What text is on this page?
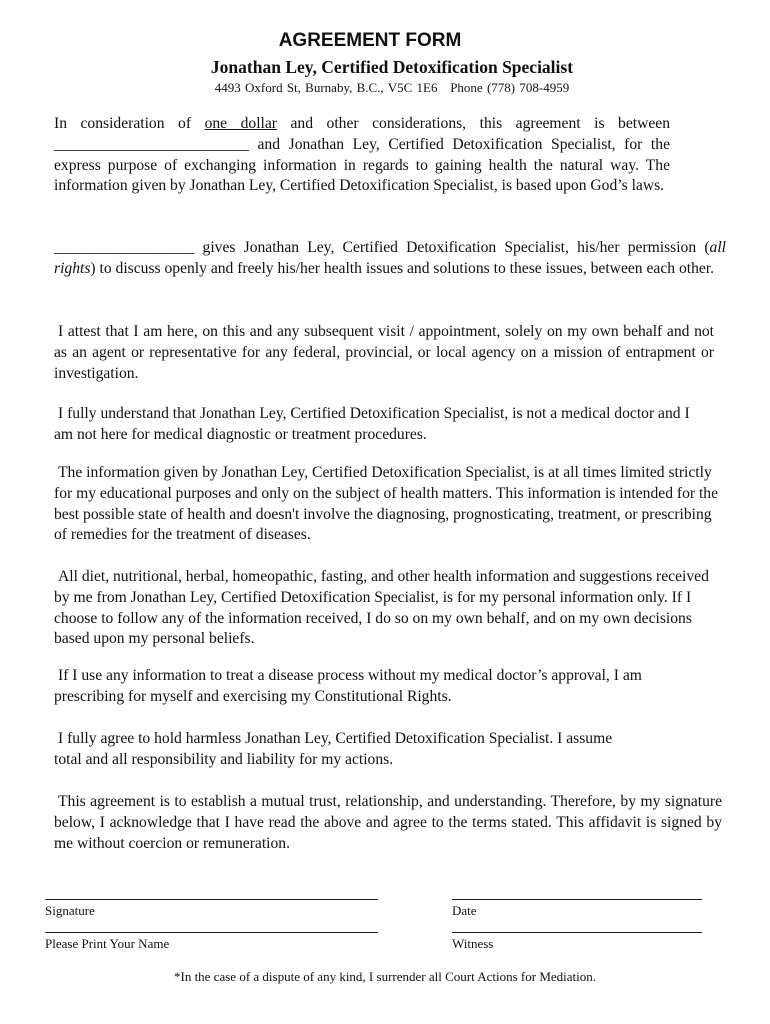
AGREEMENT FORM
Jonathan Ley, Certified Detoxification Specialist
4493 Oxford St, Burnaby, B.C., V5C 1E6   Phone (778) 708-4959

In consideration of one dollar and other considerations, this agreement is between _________________________ and Jonathan Ley, Certified Detoxification Specialist, for the express purpose of exchanging information in regards to gaining health the natural way. The information given by Jonathan Ley, Certified Detoxification Specialist, is based upon God’s laws.

__________________ gives Jonathan Ley, Certified Detoxification Specialist, his/her permission (all rights) to discuss openly and freely his/her health issues and solutions to these issues, between each other.

I attest that I am here, on this and any subsequent visit / appointment, solely on my own behalf and not as an agent or representative for any federal, provincial, or local agency on a mission of entrapment or investigation.

I fully understand that Jonathan Ley, Certified Detoxification Specialist, is not a medical doctor and I am not here for medical diagnostic or treatment procedures.

The information given by Jonathan Ley, Certified Detoxification Specialist, is at all times limited strictly for my educational purposes and only on the subject of health matters. This information is intended for the best possible state of health and doesn't involve the diagnosing, prognosticating, treatment, or prescribing of remedies for the treatment of diseases.

All diet, nutritional, herbal, homeopathic, fasting, and other health information and suggestions received by me from Jonathan Ley, Certified Detoxification Specialist, is for my personal information only. If I choose to follow any of the information received, I do so on my own behalf, and on my own decisions based upon my personal beliefs.

If I use any information to treat a disease process without my medical doctor’s approval, I am prescribing for myself and exercising my Constitutional Rights.

I fully agree to hold harmless Jonathan Ley, Certified Detoxification Specialist. I assume total and all responsibility and liability for my actions.

This agreement is to establish a mutual trust, relationship, and understanding. Therefore, by my signature below, I acknowledge that I have read the above and agree to the terms stated. This affidavit is signed by me without coercion or remuneration.

Signature	Date
Please Print Your Name	Witness
*In the case of a dispute of any kind, I surrender all Court Actions for Mediation.
